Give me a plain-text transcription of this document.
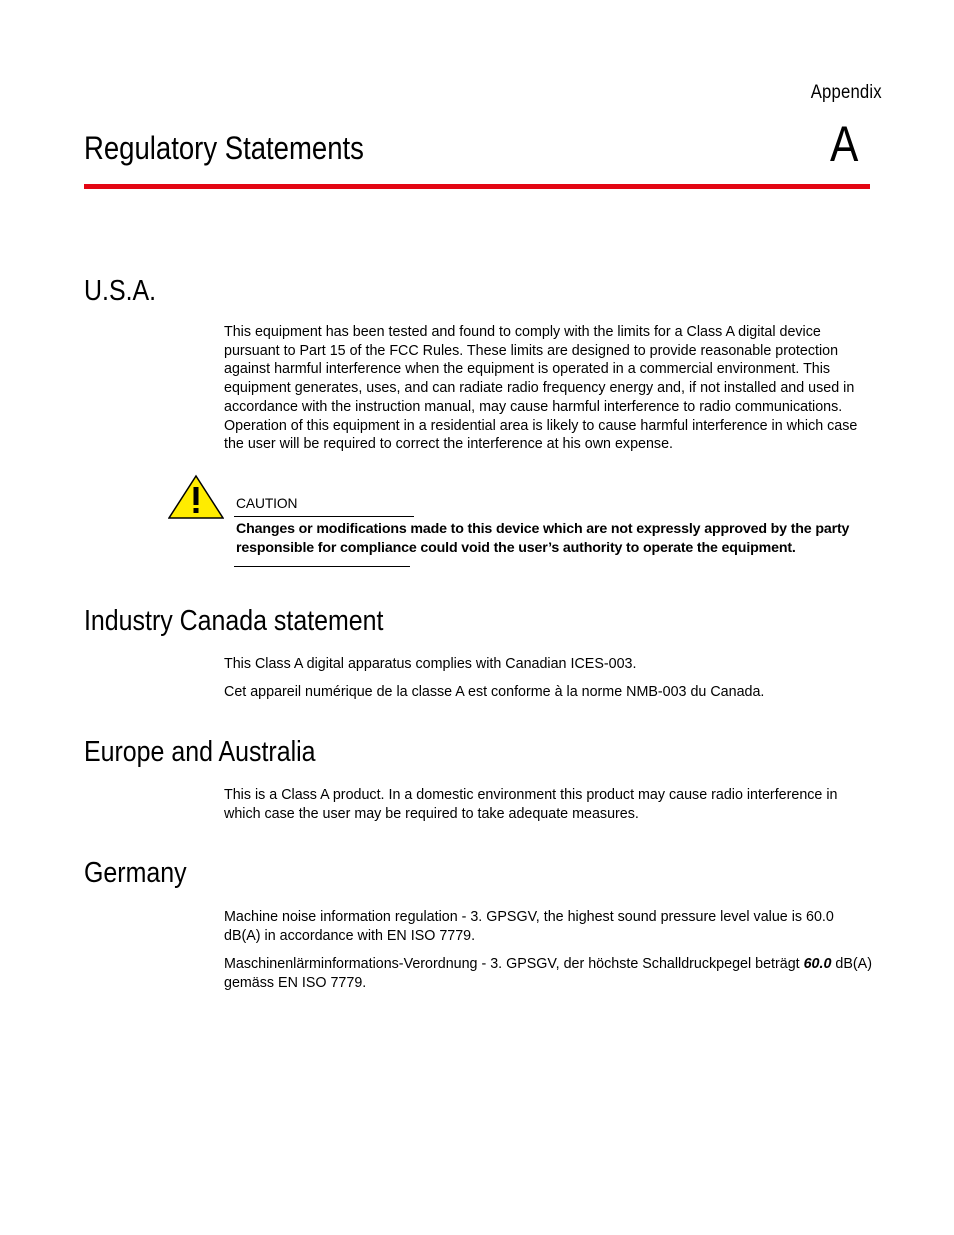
Appendix
Regulatory Statements	A
U.S.A.

This equipment has been tested and found to comply with the limits for a Class A digital device pursuant to Part 15 of the FCC Rules. These limits are designed to provide reasonable protection against harmful interference when the equipment is operated in a commercial environment. This equipment generates, uses, and can radiate radio frequency energy and, if not installed and used in accordance with the instruction manual, may cause harmful interference to radio communications. Operation of this equipment in a residential area is likely to cause harmful interference in which case the user will be required to correct the interference at his own expense.

CAUTION
Changes or modifications made to this device which are not expressly approved by the party responsible for compliance could void the user’s authority to operate the equipment.
Industry Canada statement

This Class A digital apparatus complies with Canadian ICES-003.

Cet appareil numérique de la classe A est conforme à la norme NMB-003 du Canada.

Europe and Australia

This is a Class A product. In a domestic environment this product may cause radio interference in which case the user may be required to take adequate measures.

Germany

Machine noise information regulation - 3. GPSGV, the highest sound pressure level value is 60.0 dB(A) in accordance with EN ISO 7779.

Maschinenlärminformations-Verordnung - 3. GPSGV, der höchste Schalldruckpegel beträgt 60.0 dB(A) gemäss EN ISO 7779.
